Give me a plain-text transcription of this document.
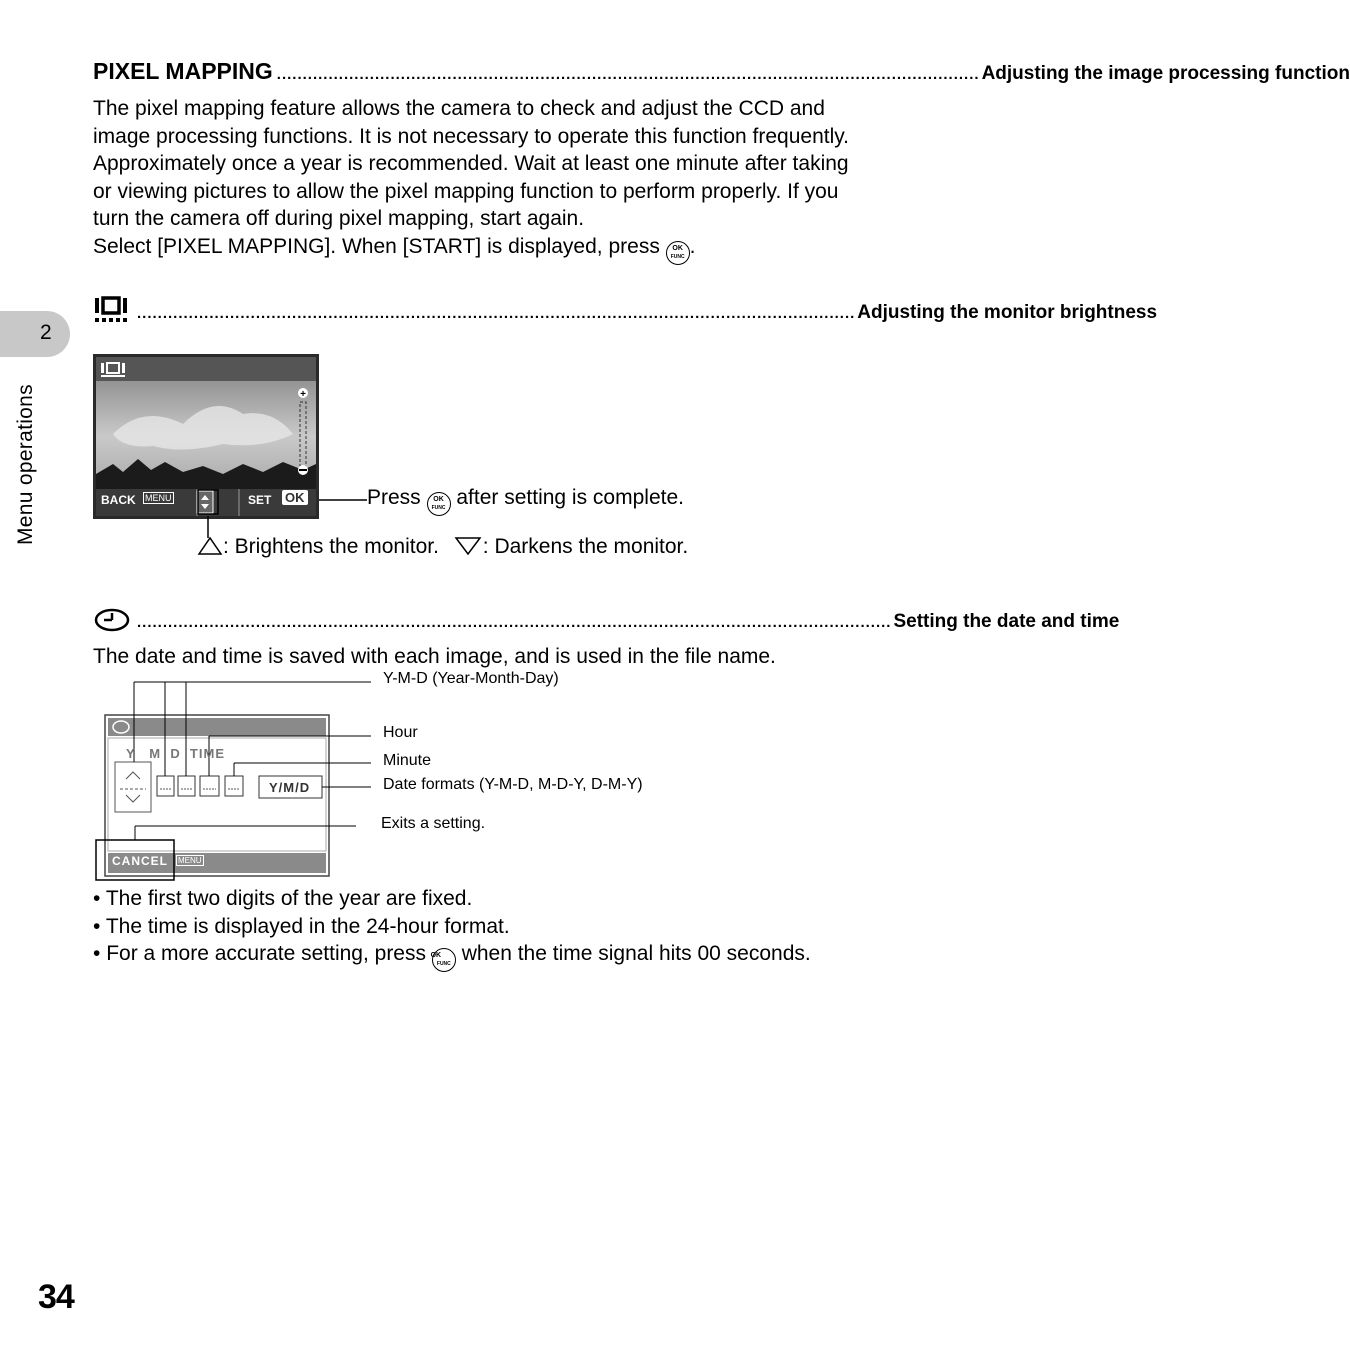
2
Menu operations
PIXEL MAPPING ........................................................................................................................................ Adjusting the image processing function
The pixel mapping feature allows the camera to check and adjust the CCD and image processing functions. It is not necessary to operate this function frequently. Approximately once a year is recommended. Wait at least one minute after taking or viewing pictures to allow the pixel mapping function to perform properly. If you turn the camera off during pixel mapping, start again.
Select [PIXEL MAPPING]. When [START] is displayed, press OK
FUNC .
........................................................................................................................................... Adjusting the monitor brightness
+
BACK MENU	SET OK	Press OK
FUNC after setting is complete.
: Brightens the monitor. : Darkens the monitor.
.................................................................................................................................................. Setting the date and time
The date and time is saved with each image, and is used in the file name.
Y   M  D  TIME
Y/M/D
CANCEL MENU
Y-M-D (Year-Month-Day)
Hour
Minute
Date formats (Y-M-D, M-D-Y, D-M-Y)
Exits a setting.
• The first two digits of the year are fixed.
• The time is displayed in the 24-hour format.
• For a more accurate setting, press OK
FUNC when the time signal hits 00 seconds.
34
